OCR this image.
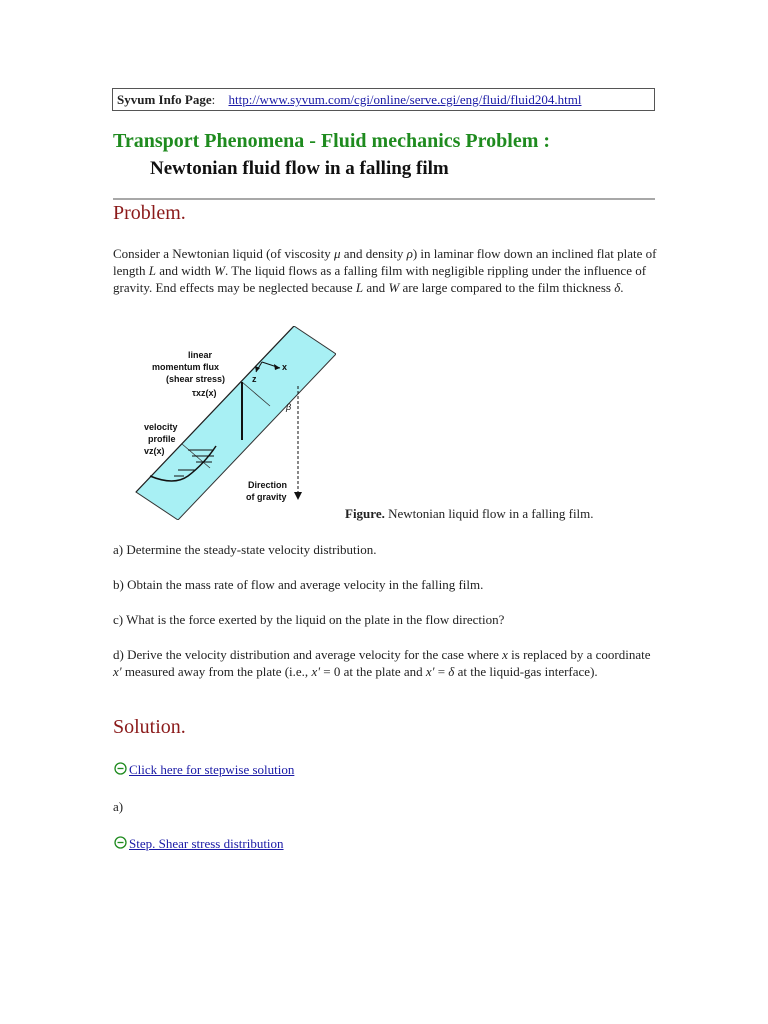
Syvum Info Page: http://www.syvum.com/cgi/online/serve.cgi/eng/fluid/fluid204.html
Transport Phenomena - Fluid mechanics Problem :
Newtonian fluid flow in a falling film
Problem.
Consider a Newtonian liquid (of viscosity μ and density ρ) in laminar flow down an inclined flat plate of length L and width W. The liquid flows as a falling film with negligible rippling under the influence of gravity. End effects may be neglected because L and W are large compared to the film thickness δ.
x
z
β
linear
momentum flux
(shear stress)
τxz(x)
velocity
profile
vz(x)
Direction
of gravity
Figure. Newtonian liquid flow in a falling film.
a) Determine the steady-state velocity distribution.
b) Obtain the mass rate of flow and average velocity in the falling film.
c) What is the force exerted by the liquid on the plate in the flow direction?
d) Derive the velocity distribution and average velocity for the case where x is replaced by a coordinate x' measured away from the plate (i.e., x' = 0 at the plate and x' = δ at the liquid-gas interface).
Solution.
Click here for stepwise solution
a)
Step. Shear stress distribution
